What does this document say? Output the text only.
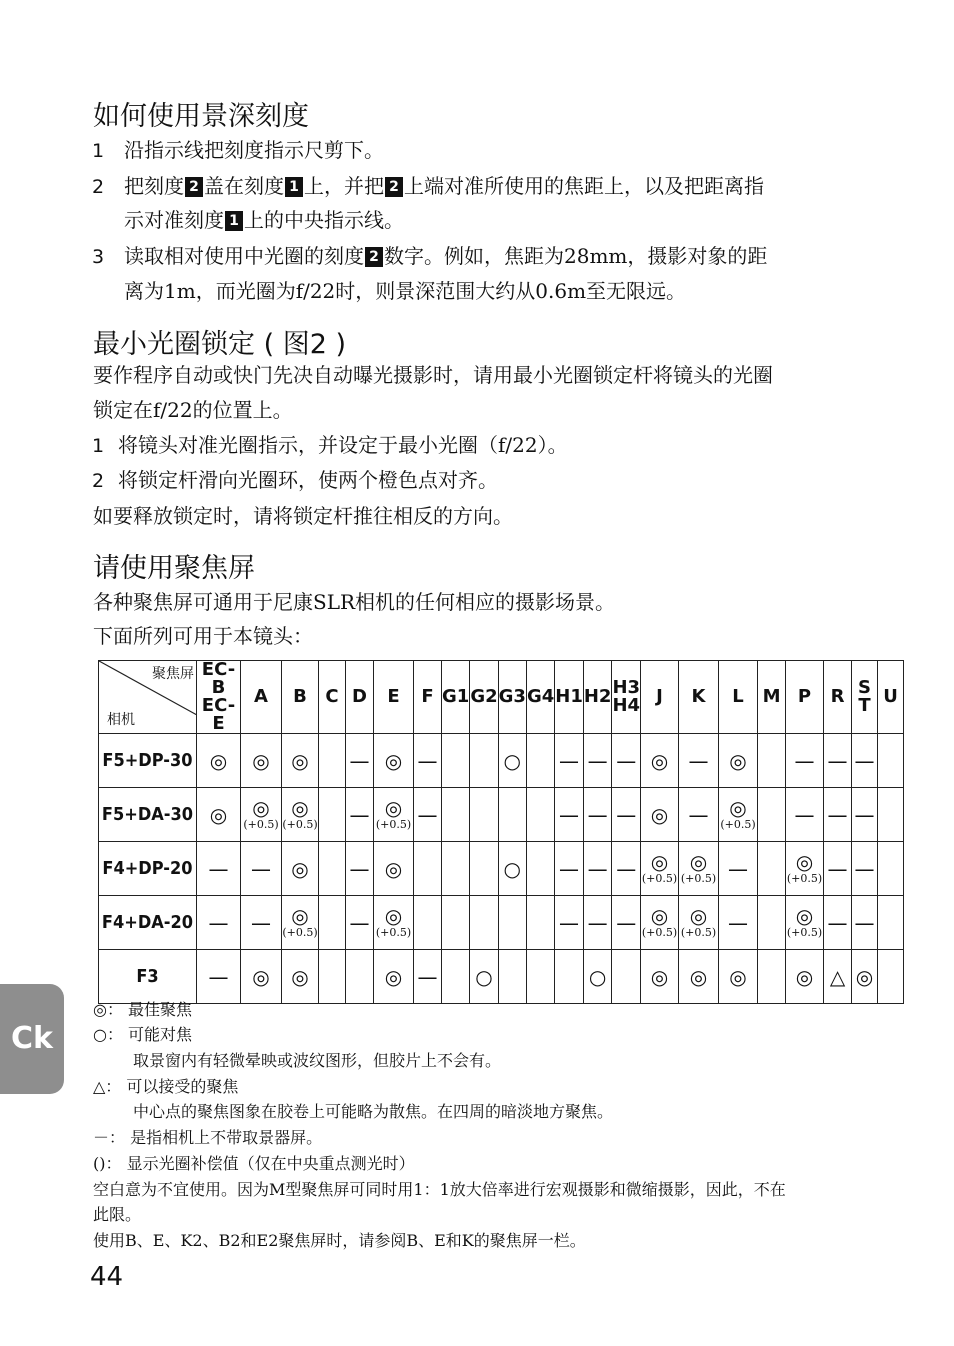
如何使用景深刻度
1 沿指示线把刻度指示尺剪下。
2 把刻度 2 盖在刻度 1 上，并把 2 上端对准所使用的焦距上，以及把距离指
示对准刻度 1 上的中央指示线。
3 读取相对使用中光圈的刻度 2 数字。例如，焦距为28mm，摄影对象的距
离为1m，而光圈为f/22时，则景深范围大约从0.6m至无限远。
最小光圈锁定 ( 图2 )
要作程序自动或快门先决自动曝光摄影时，请用最小光圈锁定杆将镜头的光圈
锁定在f/22的位置上。
1 将镜头对准光圈指示，并设定于最小光圈（f/22）。
2 将锁定杆滑向光圈环，使两个橙色点对齐。
如要释放锁定时，请将锁定杆推往相反的方向。
请使用聚焦屏
各种聚焦屏可通用于尼康SLR相机的任何相应的摄影场景。
下面所列可用于本镜头：
聚焦屏
相机	EC-B
EC-E	A	B	C	D	E	F	G1	G2	G3	G4	H1	H2	H3
H4	J	K	L	M	P	R	S
T	U

F5+DP-30	◎	◎	◎		—	◎	—			○		—	—	—	◎	—	◎		—	—	—	

F5+DA-30	◎	◎
(+0.5)	◎
(+0.5)		—	◎
(+0.5)	—					—	—	—	◎	—	◎
(+0.5)		—	—	—	

F4+DP-20	—	—	◎		—	◎				○		—	—	—	◎
(+0.5)	◎
(+0.5)	—		◎
(+0.5)	—	—	

F4+DA-20	—	—	◎
(+0.5)		—	◎
(+0.5)						—	—	—	◎
(+0.5)	◎
(+0.5)	—		◎
(+0.5)	—	—	

F3	—	◎	◎			◎	—		○				○		◎	◎	◎		◎	△	◎	

◎： 最佳聚焦
○： 可能对焦
取景窗内有轻微晕映或波纹图形，但胶片上不会有。
△： 可以接受的聚焦
中心点的聚焦图象在胶卷上可能略为散焦。在四周的暗淡地方聚焦。
－： 是指相机上不带取景器屏。
()： 显示光圈补偿值（仅在中央重点测光时）
空白意为不宜使用。因为M型聚焦屏可同时用1：1放大倍率进行宏观摄影和微缩摄影，因此，不在
此限。
使用B、E、K2、B2和E2聚焦屏时，请参阅B、E和K的聚焦屏一栏。
Ck
44
